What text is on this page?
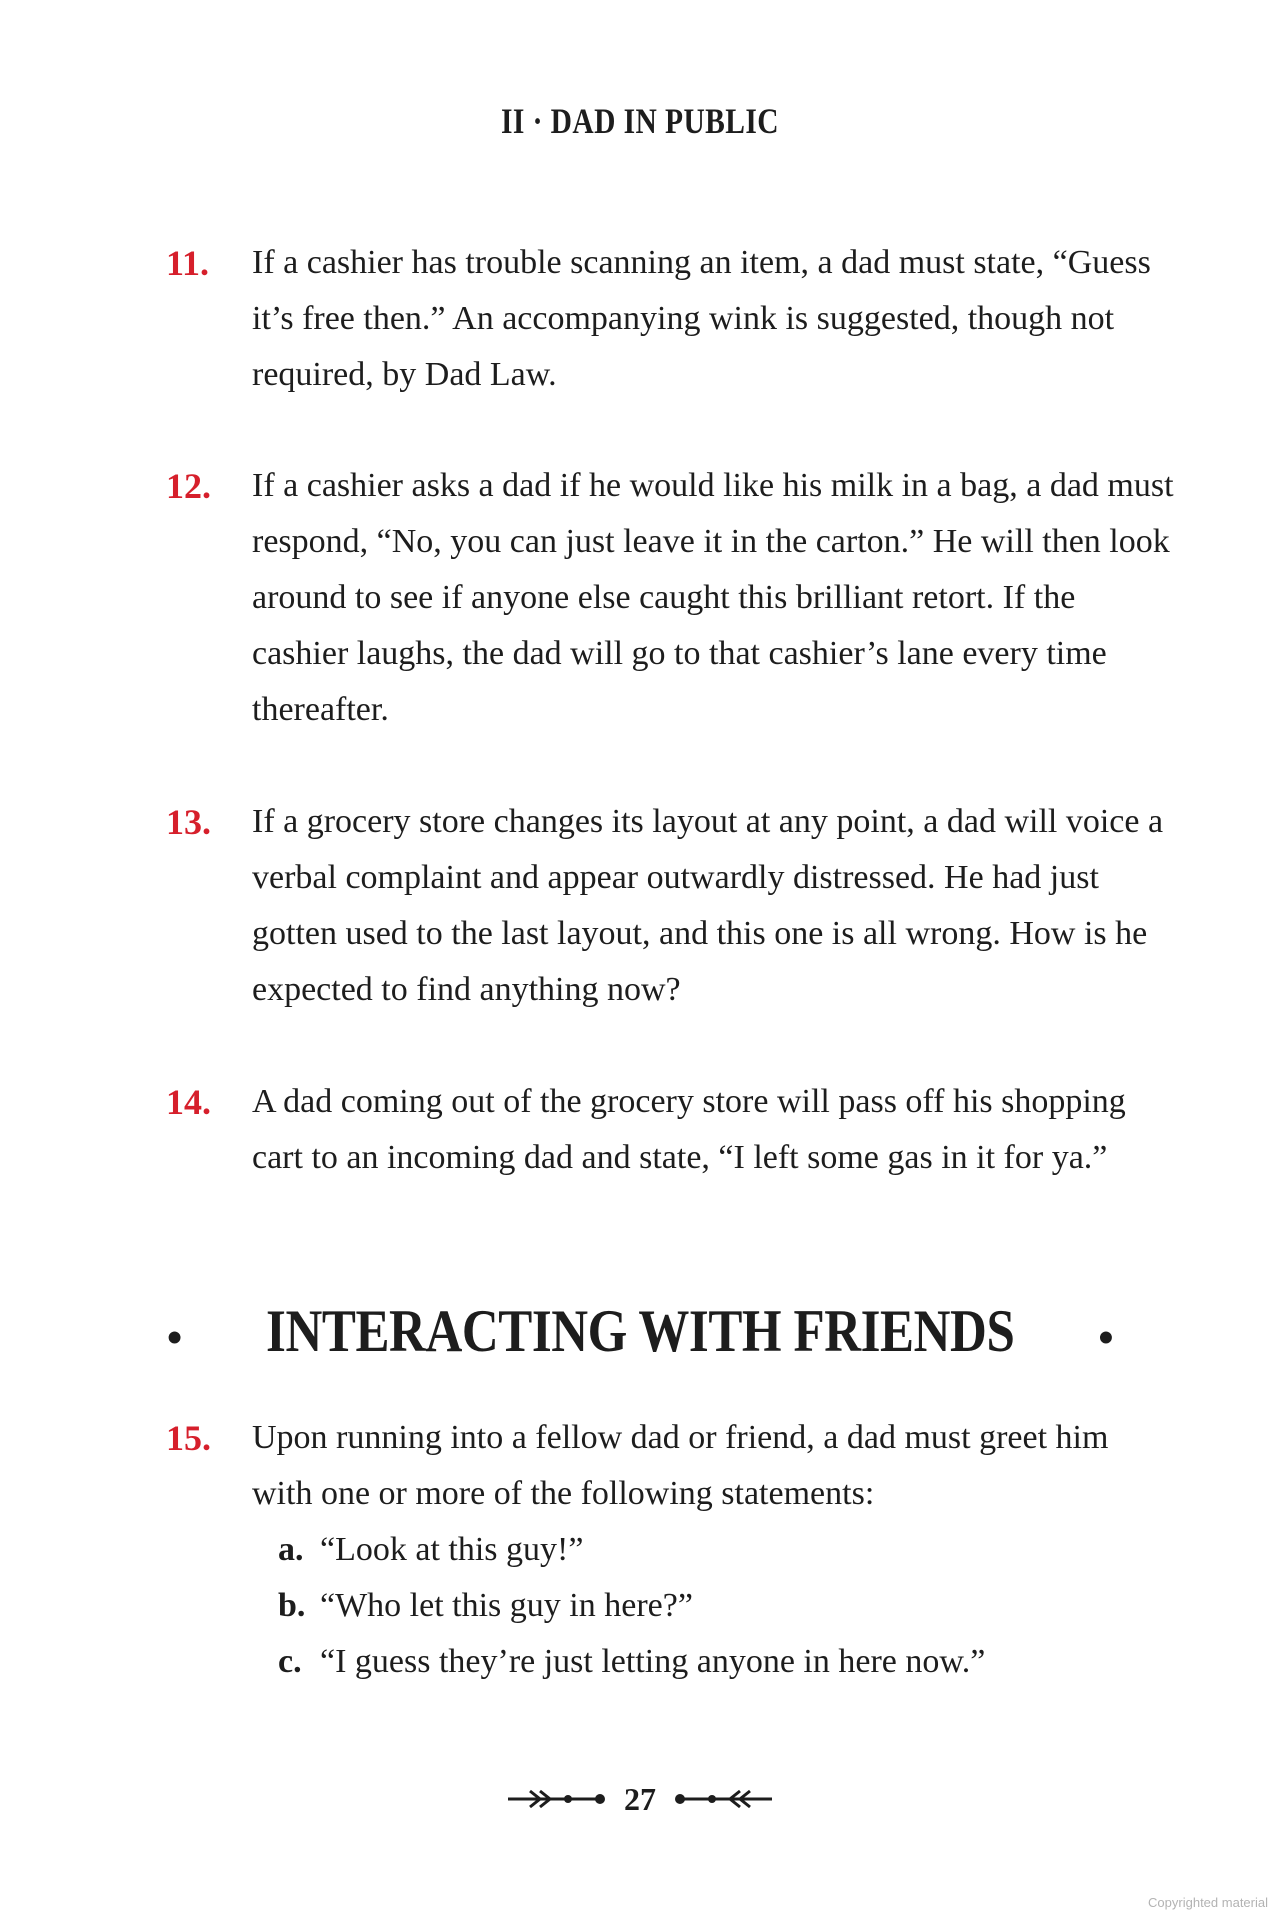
II · DAD IN PUBLIC
11. If a cashier has trouble scanning an item, a dad must state, “Guess it’s free then.” An accompanying wink is suggested, though not required, by Dad Law.
12. If a cashier asks a dad if he would like his milk in a bag, a dad must respond, “No, you can just leave it in the carton.” He will then look around to see if anyone else caught this brilliant retort. If the cashier laughs, the dad will go to that cashier’s lane every time thereafter.
13. If a grocery store changes its layout at any point, a dad will voice a verbal complaint and appear outwardly distressed. He had just gotten used to the last layout, and this one is all wrong. How is he expected to find anything now?
14. A dad coming out of the grocery store will pass off his shopping cart to an incoming dad and state, “I left some gas in it for ya.”
• INTERACTING WITH FRIENDS •
15. Upon running into a fellow dad or friend, a dad must greet him with one or more of the following statements:
a. “Look at this guy!”
b. “Who let this guy in here?”
c. “I guess they’re just letting anyone in here now.”
27
Copyrighted material
